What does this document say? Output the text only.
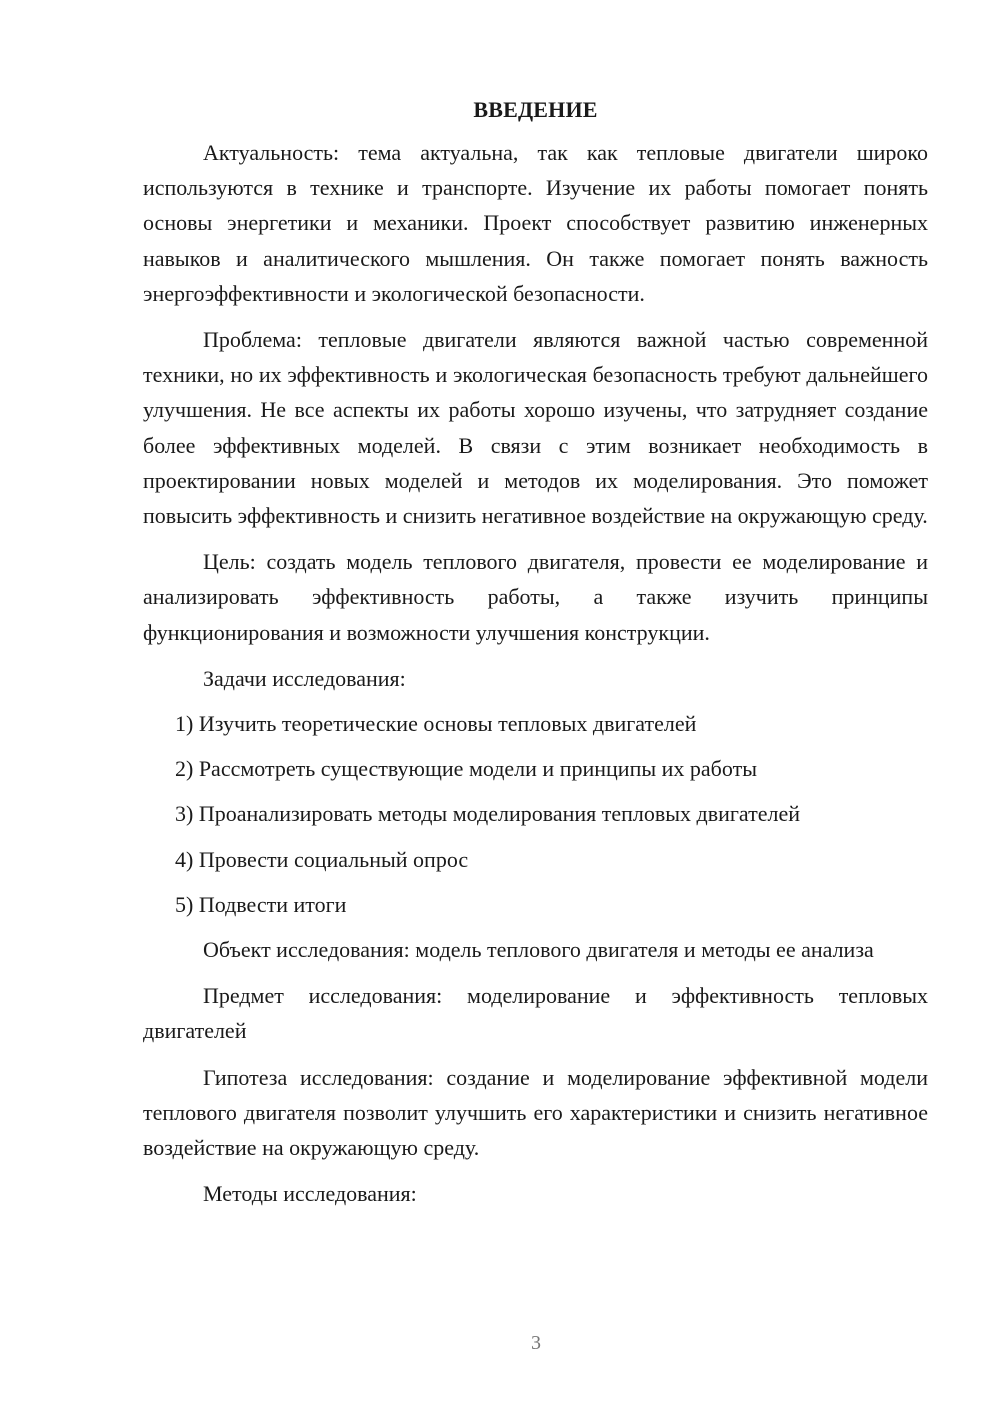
ВВЕДЕНИЕ

Актуальность: тема актуальна, так как тепловые двигатели широко используются в технике и транспорте. Изучение их работы помогает понять основы энергетики и механики. Проект способствует развитию инженерных навыков и аналитического мышления. Он также помогает понять важность энергоэффективности и экологической безопасности.

Проблема: тепловые двигатели являются важной частью современной техники, но их эффективность и экологическая безопасность требуют дальнейшего улучшения. Не все аспекты их работы хорошо изучены, что затрудняет создание более эффективных моделей. В связи с этим возникает необходимость в проектировании новых моделей и методов их моделирования. Это поможет повысить эффективность и снизить негативное воздействие на окружающую среду.

Цель: создать модель теплового двигателя, провести ее моделирование и анализировать эффективность работы, а также изучить принципы функционирования и возможности улучшения конструкции.

Задачи исследования:

1) Изучить теоретические основы тепловых двигателей
2) Рассмотреть существующие модели и принципы их работы
3) Проанализировать методы моделирования тепловых двигателей
4) Провести социальный опрос
5) Подвести итоги

Объект исследования: модель теплового двигателя и методы ее анализа

Предмет исследования: моделирование и эффективность тепловых двигателей

Гипотеза исследования: создание и моделирование эффективной модели теплового двигателя позволит улучшить его характеристики и снизить негативное воздействие на окружающую среду.

Методы исследования:

3
